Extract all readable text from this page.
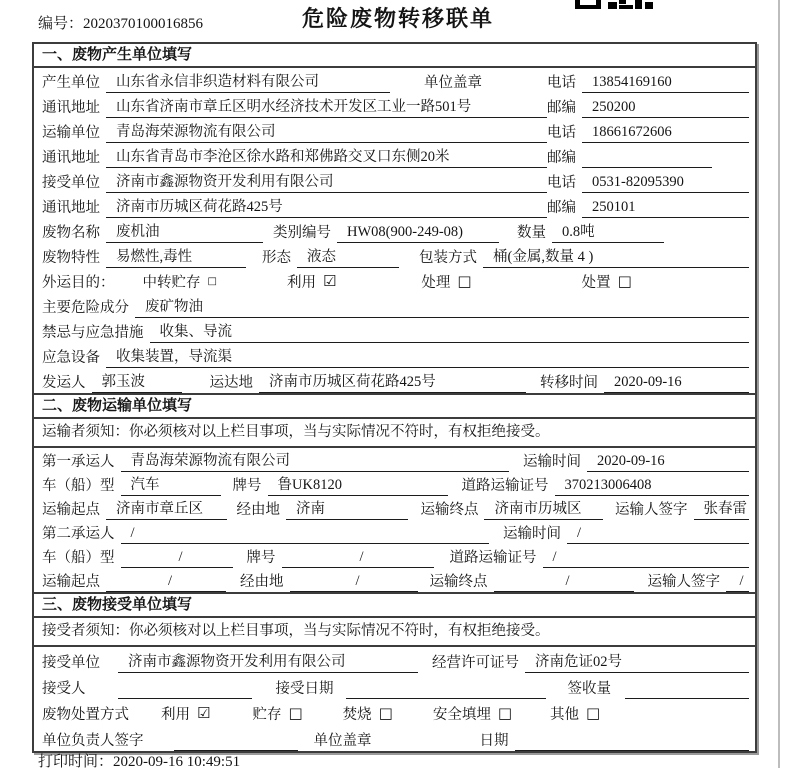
编号：2020370100016856	危险废物转移联单
一、废物产生单位填写
产生单位	山东省永信非织造材料有限公司	单位盖章	电话	13854169160
通讯地址	山东省济南市章丘区明水经济技术开发区工业一路501号	邮编	250200
运输单位	青岛海荣源物流有限公司	电话	18661672606
通讯地址	山东省青岛市李沧区徐水路和郑佛路交叉口东侧20米	邮编
接受单位	济南市鑫源物资开发利用有限公司	电话	0531-82095390
通讯地址	济南市历城区荷花路425号	邮编	250101
废物名称	废机油	类别编号	HW08(900-249-08)	数量	0.8吨
废物特性	易燃性,毒性	形态	液态	包装方式	桶(金属,数量 4 )
外运目的：	中转贮存 □	利用 ☑	处理 □	处置 □
主要危险成分	废矿物油
禁忌与应急措施	收集、导流
应急设备	收集装置，导流渠
发运人	郭玉波	运达地	济南市历城区荷花路425号	转移时间	2020-09-16
二、废物运输单位填写
运输者须知：你必须核对以上栏目事项，当与实际情况不符时，有权拒绝接受。
第一承运人	青岛海荣源物流有限公司	运输时间	2020-09-16
车（船）型	汽车	牌号	鲁UK8120	道路运输证号	370213006408
运输起点	济南市章丘区	经由地	济南	运输终点	济南市历城区	运输人签字	张春雷
第二承运人	/	运输时间	/
车（船）型	/	牌号	/	道路运输证号	/
运输起点	/	经由地	/	运输终点	/	运输人签字	/
三、废物接受单位填写
接受者须知：你必须核对以上栏目事项，当与实际情况不符时，有权拒绝接受。
接受单位	济南市鑫源物资开发利用有限公司	经营许可证号	济南危证02号
接受人	接受日期	签收量
废物处置方式	利用 ☑	贮存 □	焚烧 □	安全填埋 □	其他 □
单位负责人签字	单位盖章	日期
打印时间：2020-09-16 10:49:51
